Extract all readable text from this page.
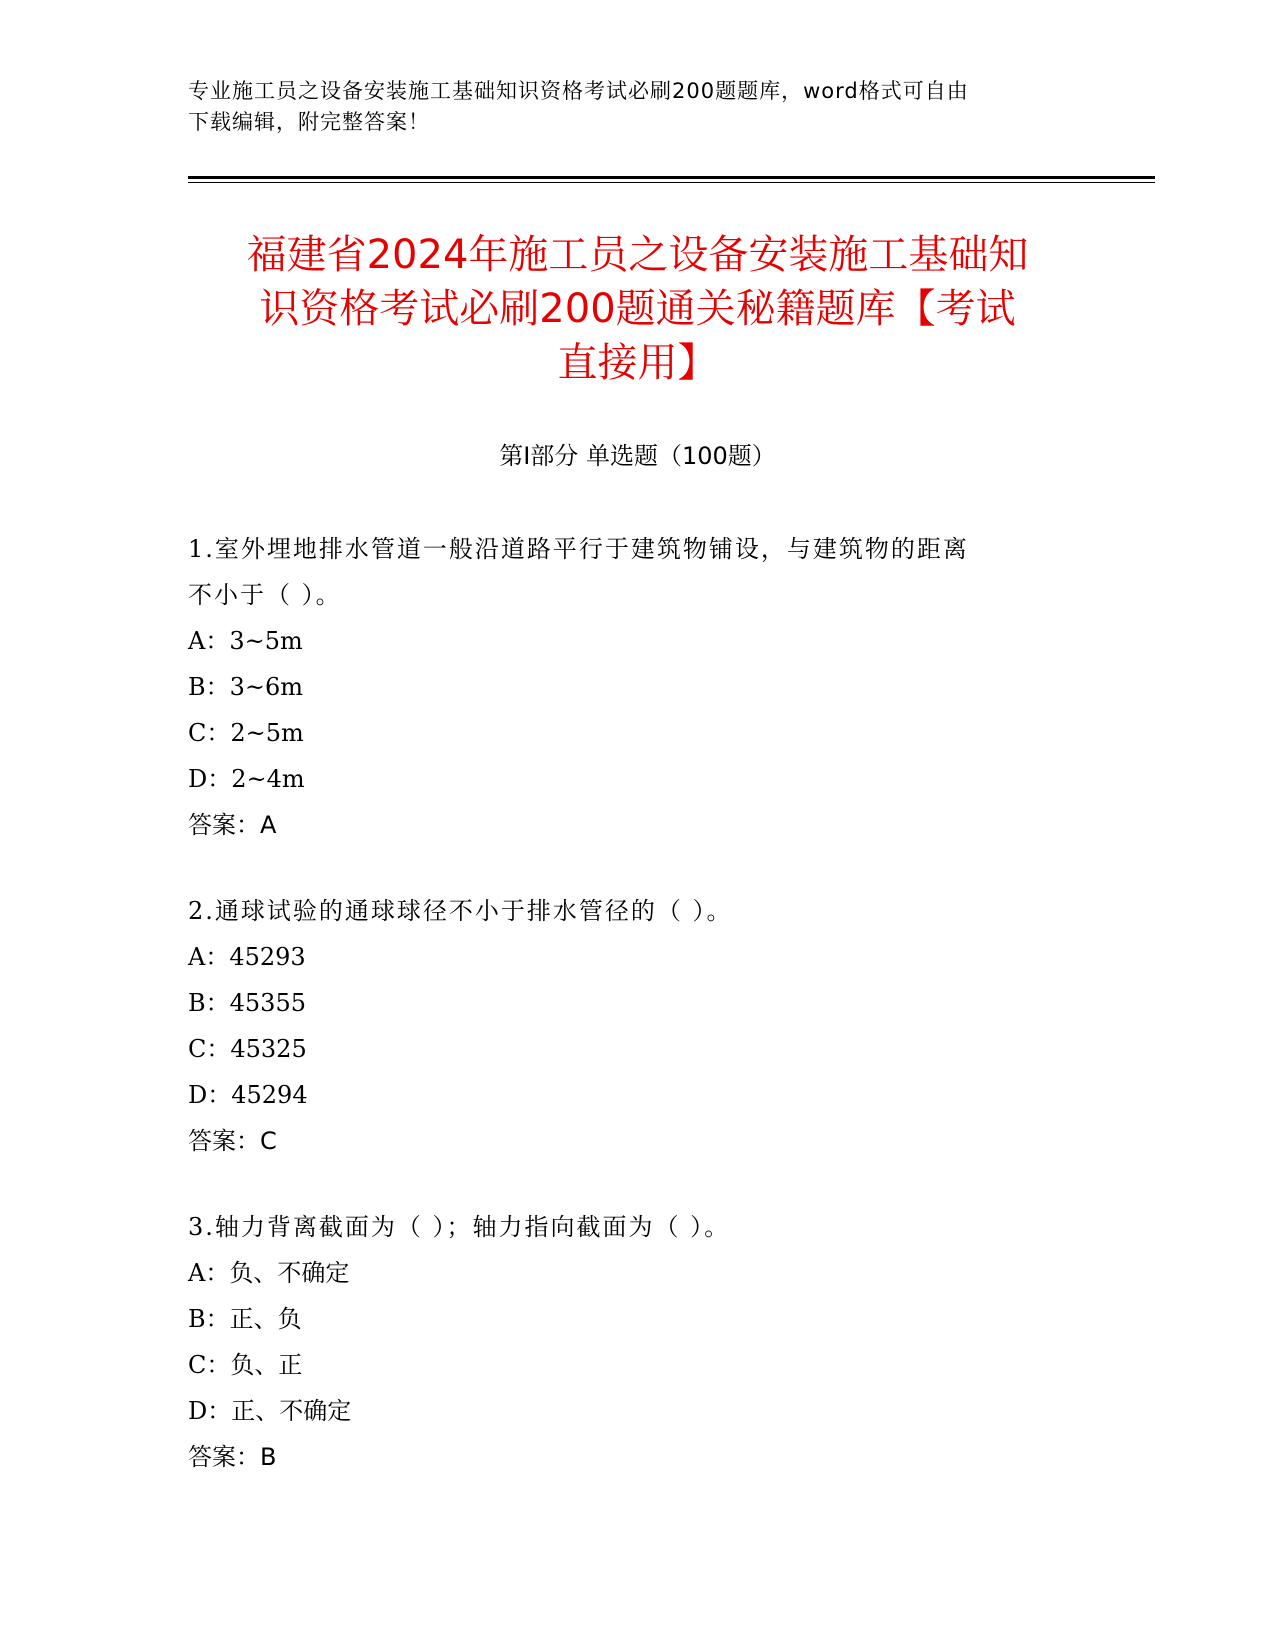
专业施工员之设备安装施工基础知识资格考试必刷200题题库，word格式可自由
下载编辑，附完整答案！
福建省2024年施工员之设备安装施工基础知
识资格考试必刷200题通关秘籍题库【考试
直接用】
第Ⅰ部分 单选题（100题）

1.室外埋地排水管道一般沿道路平行于建筑物铺设，与建筑物的距离

不小于（ ）。

A：3~5m

B：3~6m

C：2~5m

D：2~4m

答案：A

2.通球试验的通球球径不小于排水管径的（ ）。

A：45293

B：45355

C：45325

D：45294

答案：C

3.轴力背离截面为（ ）；轴力指向截面为（ ）。

A：负、不确定

B：正、负

C：负、正

D：正、不确定

答案：B
